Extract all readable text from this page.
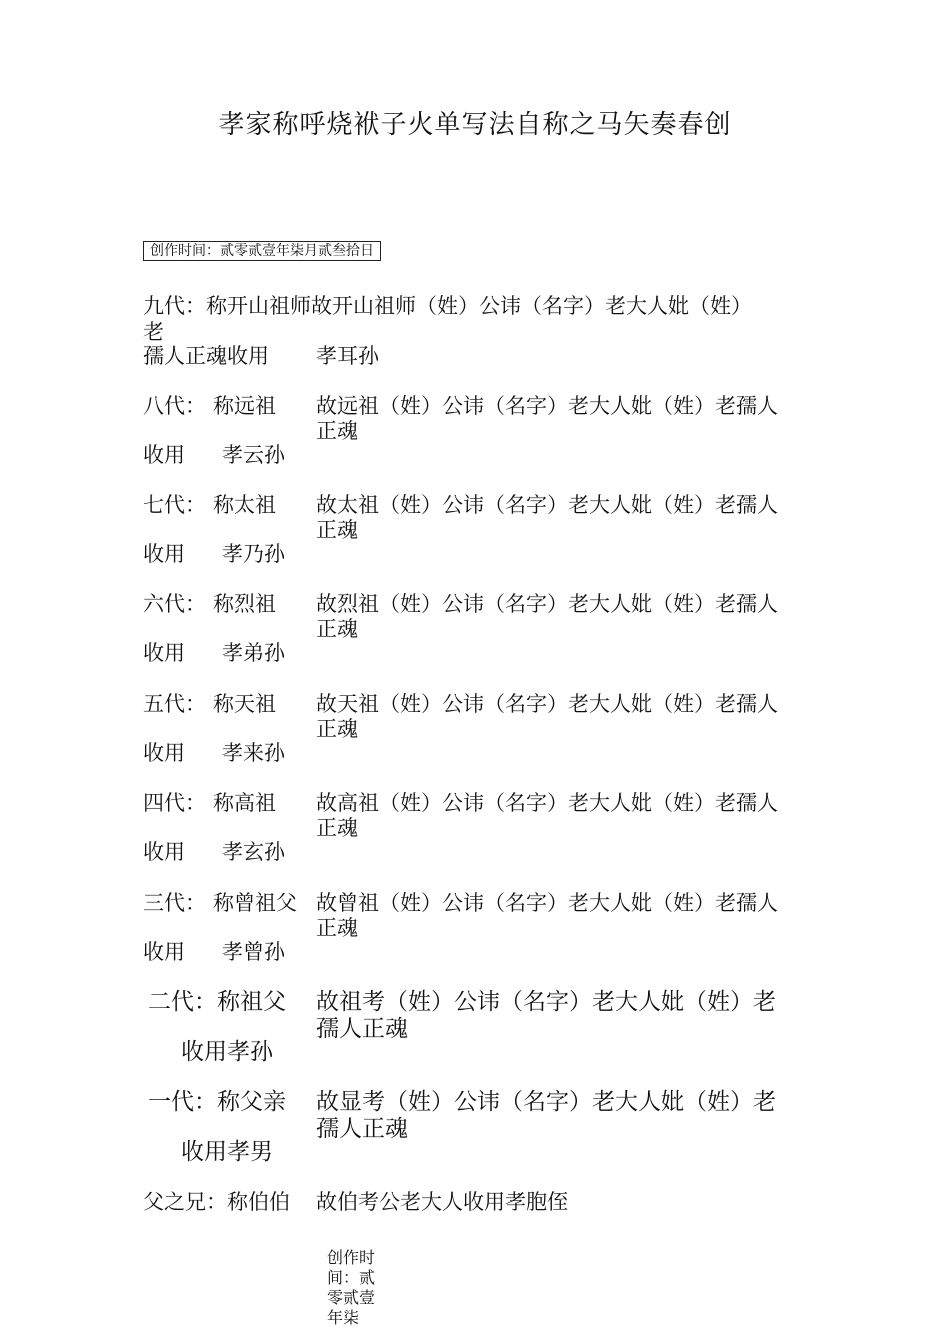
孝家称呼烧袱子火单写法自称之马矢奏春创
创作时间：贰零贰壹年柒月贰叁拾日
九代：称开山祖师故开山祖师（姓）公讳（名字）老大人妣（姓）
老
孺人正魂收用 孝耳孙
八代： 称远祖 故远祖（姓）公讳（名字）老大人妣（姓）老孺人
正魂
收用 孝云孙
七代： 称太祖 故太祖（姓）公讳（名字）老大人妣（姓）老孺人
正魂
收用 孝乃孙
六代： 称烈祖 故烈祖（姓）公讳（名字）老大人妣（姓）老孺人
正魂
收用 孝弟孙
五代： 称天祖 故天祖（姓）公讳（名字）老大人妣（姓）老孺人
正魂
收用 孝来孙
四代： 称高祖 故高祖（姓）公讳（名字）老大人妣（姓）老孺人
正魂
收用 孝玄孙
三代： 称曾祖父 故曾祖（姓）公讳（名字）老大人妣（姓）老孺人
正魂
收用 孝曾孙
二代：称祖父 故祖考（姓）公讳（名字）老大人妣（姓）老
孺人正魂
收用孝孙
一代：称父亲 故显考（姓）公讳（名字）老大人妣（姓）老
孺人正魂
收用孝男
父之兄：称伯伯 故伯考公老大人收用孝胞侄
创作时间：贰零贰壹年柒
